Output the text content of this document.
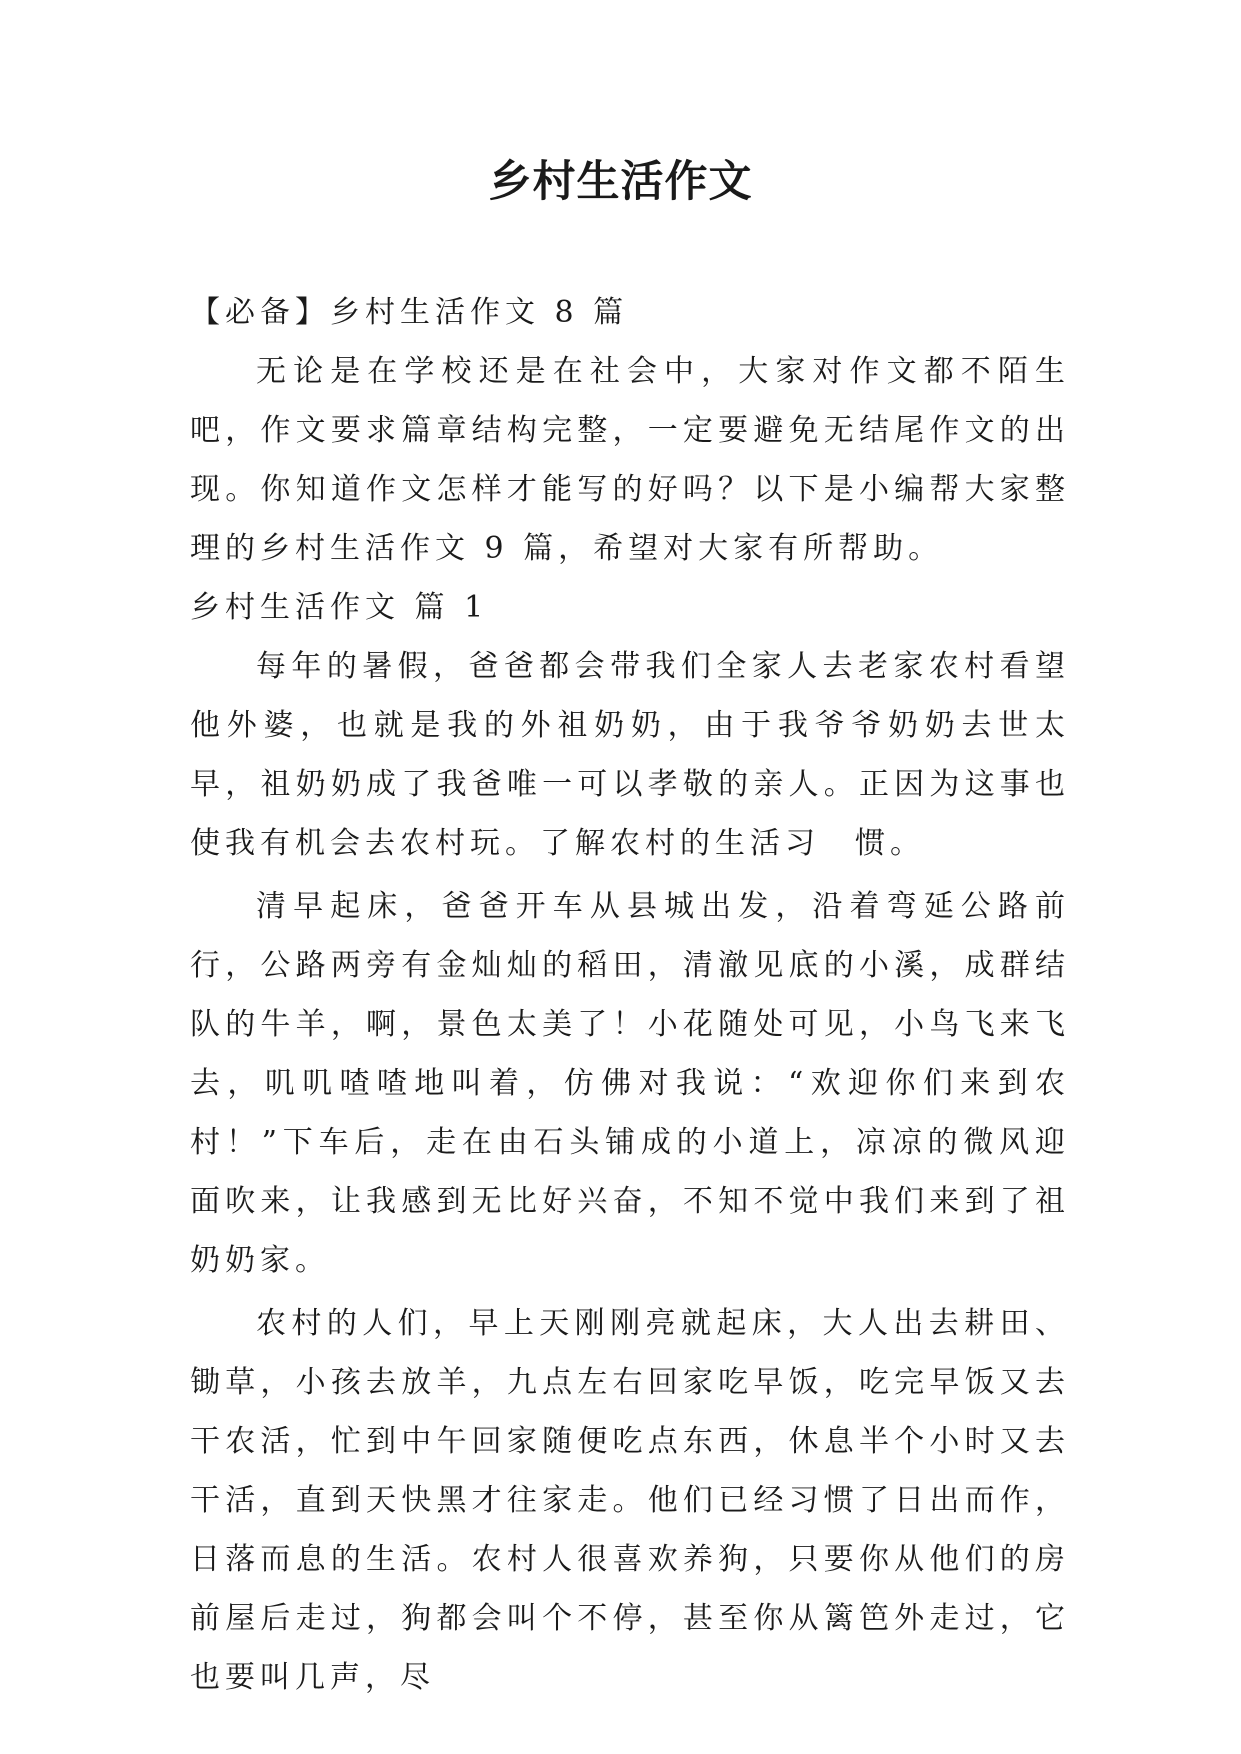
乡村生活作文

【必备】乡村生活作文 8 篇

无论是在学校还是在社会中，大家对作文都不陌生吧，作文要求篇章结构完整，一定要避免无结尾作文的出现。你知道作文怎样才能写的好吗？以下是小编帮大家整理的乡村生活作文 9 篇，希望对大家有所帮助。

乡村生活作文 篇 1

每年的暑假，爸爸都会带我们全家人去老家农村看望他外婆，也就是我的外祖奶奶，由于我爷爷奶奶去世太早，祖奶奶成了我爸唯一可以孝敬的亲人。正因为这事也使我有机会去农村玩。了解农村的生活习　惯。

清早起床，爸爸开车从县城出发，沿着弯延公路前行，公路两旁有金灿灿的稻田，清澈见底的小溪，成群结队的牛羊，啊，景色太美了！小花随处可见，小鸟飞来飞去，叽叽喳喳地叫着，仿佛对我说：“欢迎你们来到农村！”下车后，走在由石头铺成的小道上，凉凉的微风迎面吹来，让我感到无比好兴奋，不知不觉中我们来到了祖奶奶家。

农村的人们，早上天刚刚亮就起床，大人出去耕田、锄草，小孩去放羊，九点左右回家吃早饭，吃完早饭又去干农活，忙到中午回家随便吃点东西，休息半个小时又去干活，直到天快黑才往家走。他们已经习惯了日出而作，日落而息的生活。农村人很喜欢养狗，只要你从他们的房前屋后走过，狗都会叫个不停，甚至你从篱笆外走过，它也要叫几声，尽
